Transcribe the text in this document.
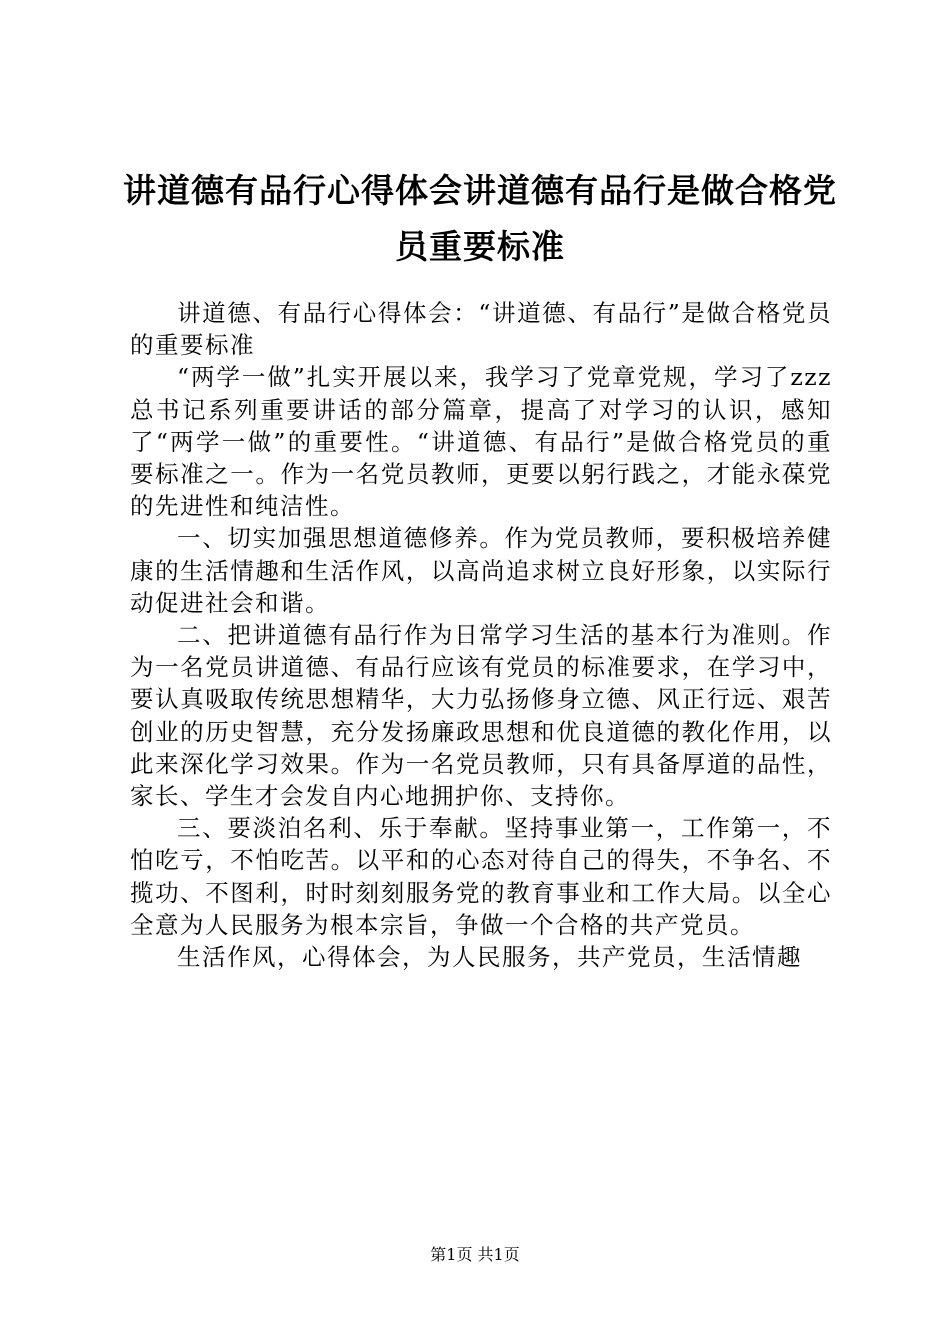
讲道德有品行心得体会讲道德有品行是做合格党员重要标准

讲道德、有品行心得体会：“讲道德、有品行”是做合格党员的重要标准

“两学一做”扎实开展以来，我学习了党章党规，学习了zzz总书记系列重要讲话的部分篇章，提高了对学习的认识，感知了“两学一做”的重要性。“讲道德、有品行”是做合格党员的重要标准之一。作为一名党员教师，更要以躬行践之，才能永葆党的先进性和纯洁性。

一、切实加强思想道德修养。作为党员教师，要积极培养健康的生活情趣和生活作风，以高尚追求树立良好形象，以实际行动促进社会和谐。

二、把讲道德有品行作为日常学习生活的基本行为准则。作为一名党员讲道德、有品行应该有党员的标准要求，在学习中，要认真吸取传统思想精华，大力弘扬修身立德、风正行远、艰苦创业的历史智慧，充分发扬廉政思想和优良道德的教化作用，以此来深化学习效果。作为一名党员教师，只有具备厚道的品性，家长、学生才会发自内心地拥护你、支持你。

三、要淡泊名利、乐于奉献。坚持事业第一，工作第一，不怕吃亏，不怕吃苦。以平和的心态对待自己的得失，不争名、不揽功、不图利，时时刻刻服务党的教育事业和工作大局。以全心全意为人民服务为根本宗旨，争做一个合格的共产党员。

生活作风，心得体会，为人民服务，共产党员，生活情趣

第1页 共1页
